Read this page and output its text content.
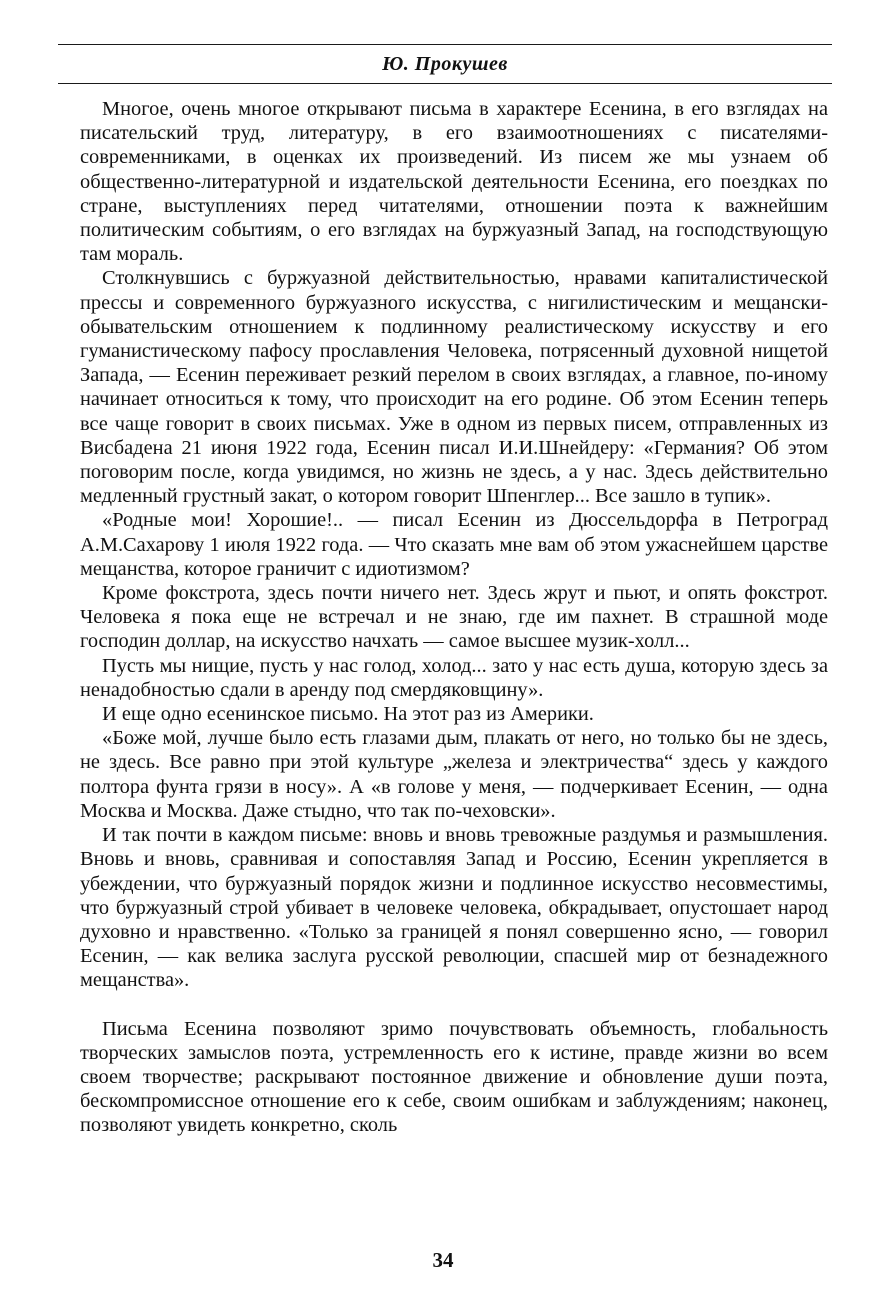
Ю. Прокушев

Многое, очень многое открывают письма в характере Есенина, в его взглядах на писательский труд, литературу, в его взаимоотношениях с писателями-современниками, в оценках их произведений. Из писем же мы узнаем об общественно-литературной и издательской деятельности Есенина, его поездках по стране, выступлениях перед читателями, отношении поэта к важнейшим политическим событиям, о его взглядах на буржуазный Запад, на господствующую там мораль.

Столкнувшись с буржуазной действительностью, нравами капиталистической прессы и современного буржуазного искусства, с нигилистическим и мещански-обывательским отношением к подлинному реалистическому искусству и его гуманистическому пафосу прославления Человека, потрясенный духовной нищетой Запада, — Есенин переживает резкий перелом в своих взглядах, а главное, по-иному начинает относиться к тому, что происходит на его родине. Об этом Есенин теперь все чаще говорит в своих письмах. Уже в одном из первых писем, отправленных из Висбадена 21 июня 1922 года, Есенин писал И.И.Шнейдеру: «Германия? Об этом поговорим после, когда увидимся, но жизнь не здесь, а у нас. Здесь действительно медленный грустный закат, о котором говорит Шпенглер... Все зашло в тупик».

«Родные мои! Хорошие!.. — писал Есенин из Дюссельдорфа в Петроград А.М.Сахарову 1 июля 1922 года. — Что сказать мне вам об этом ужаснейшем царстве мещанства, которое граничит с идиотизмом?

Кроме фокстрота, здесь почти ничего нет. Здесь жрут и пьют, и опять фокстрот. Человека я пока еще не встречал и не знаю, где им пахнет. В страшной моде господин доллар, на искусство начхать — самое высшее музик-холл...

Пусть мы нищие, пусть у нас голод, холод... зато у нас есть душа, которую здесь за ненадобностью сдали в аренду под смердяковщину».

И еще одно есенинское письмо. На этот раз из Америки.

«Боже мой, лучше было есть глазами дым, плакать от него, но только бы не здесь, не здесь. Все равно при этой культуре „железа и электричества“ здесь у каждого полтора фунта грязи в носу». А «в голове у меня, — подчеркивает Есенин, — одна Москва и Москва. Даже стыдно, что так по-чеховски».

И так почти в каждом письме: вновь и вновь тревожные раздумья и размышления. Вновь и вновь, сравнивая и сопоставляя Запад и Россию, Есенин укрепляется в убеждении, что буржуазный порядок жизни и подлинное искусство несовместимы, что буржуазный строй убивает в человеке человека, обкрадывает, опустошает народ духовно и нравственно. «Только за границей я понял совершенно ясно, — говорил Есенин, — как велика заслуга русской революции, спасшей мир от безнадежного мещанства».

Письма Есенина позволяют зримо почувствовать объемность, глобальность творческих замыслов поэта, устремленность его к истине, правде жизни во всем своем творчестве; раскрывают постоянное движение и обновление души поэта, бескомпромиссное отношение его к себе, своим ошибкам и заблуждениям; наконец, позволяют увидеть конкретно, сколь

34
